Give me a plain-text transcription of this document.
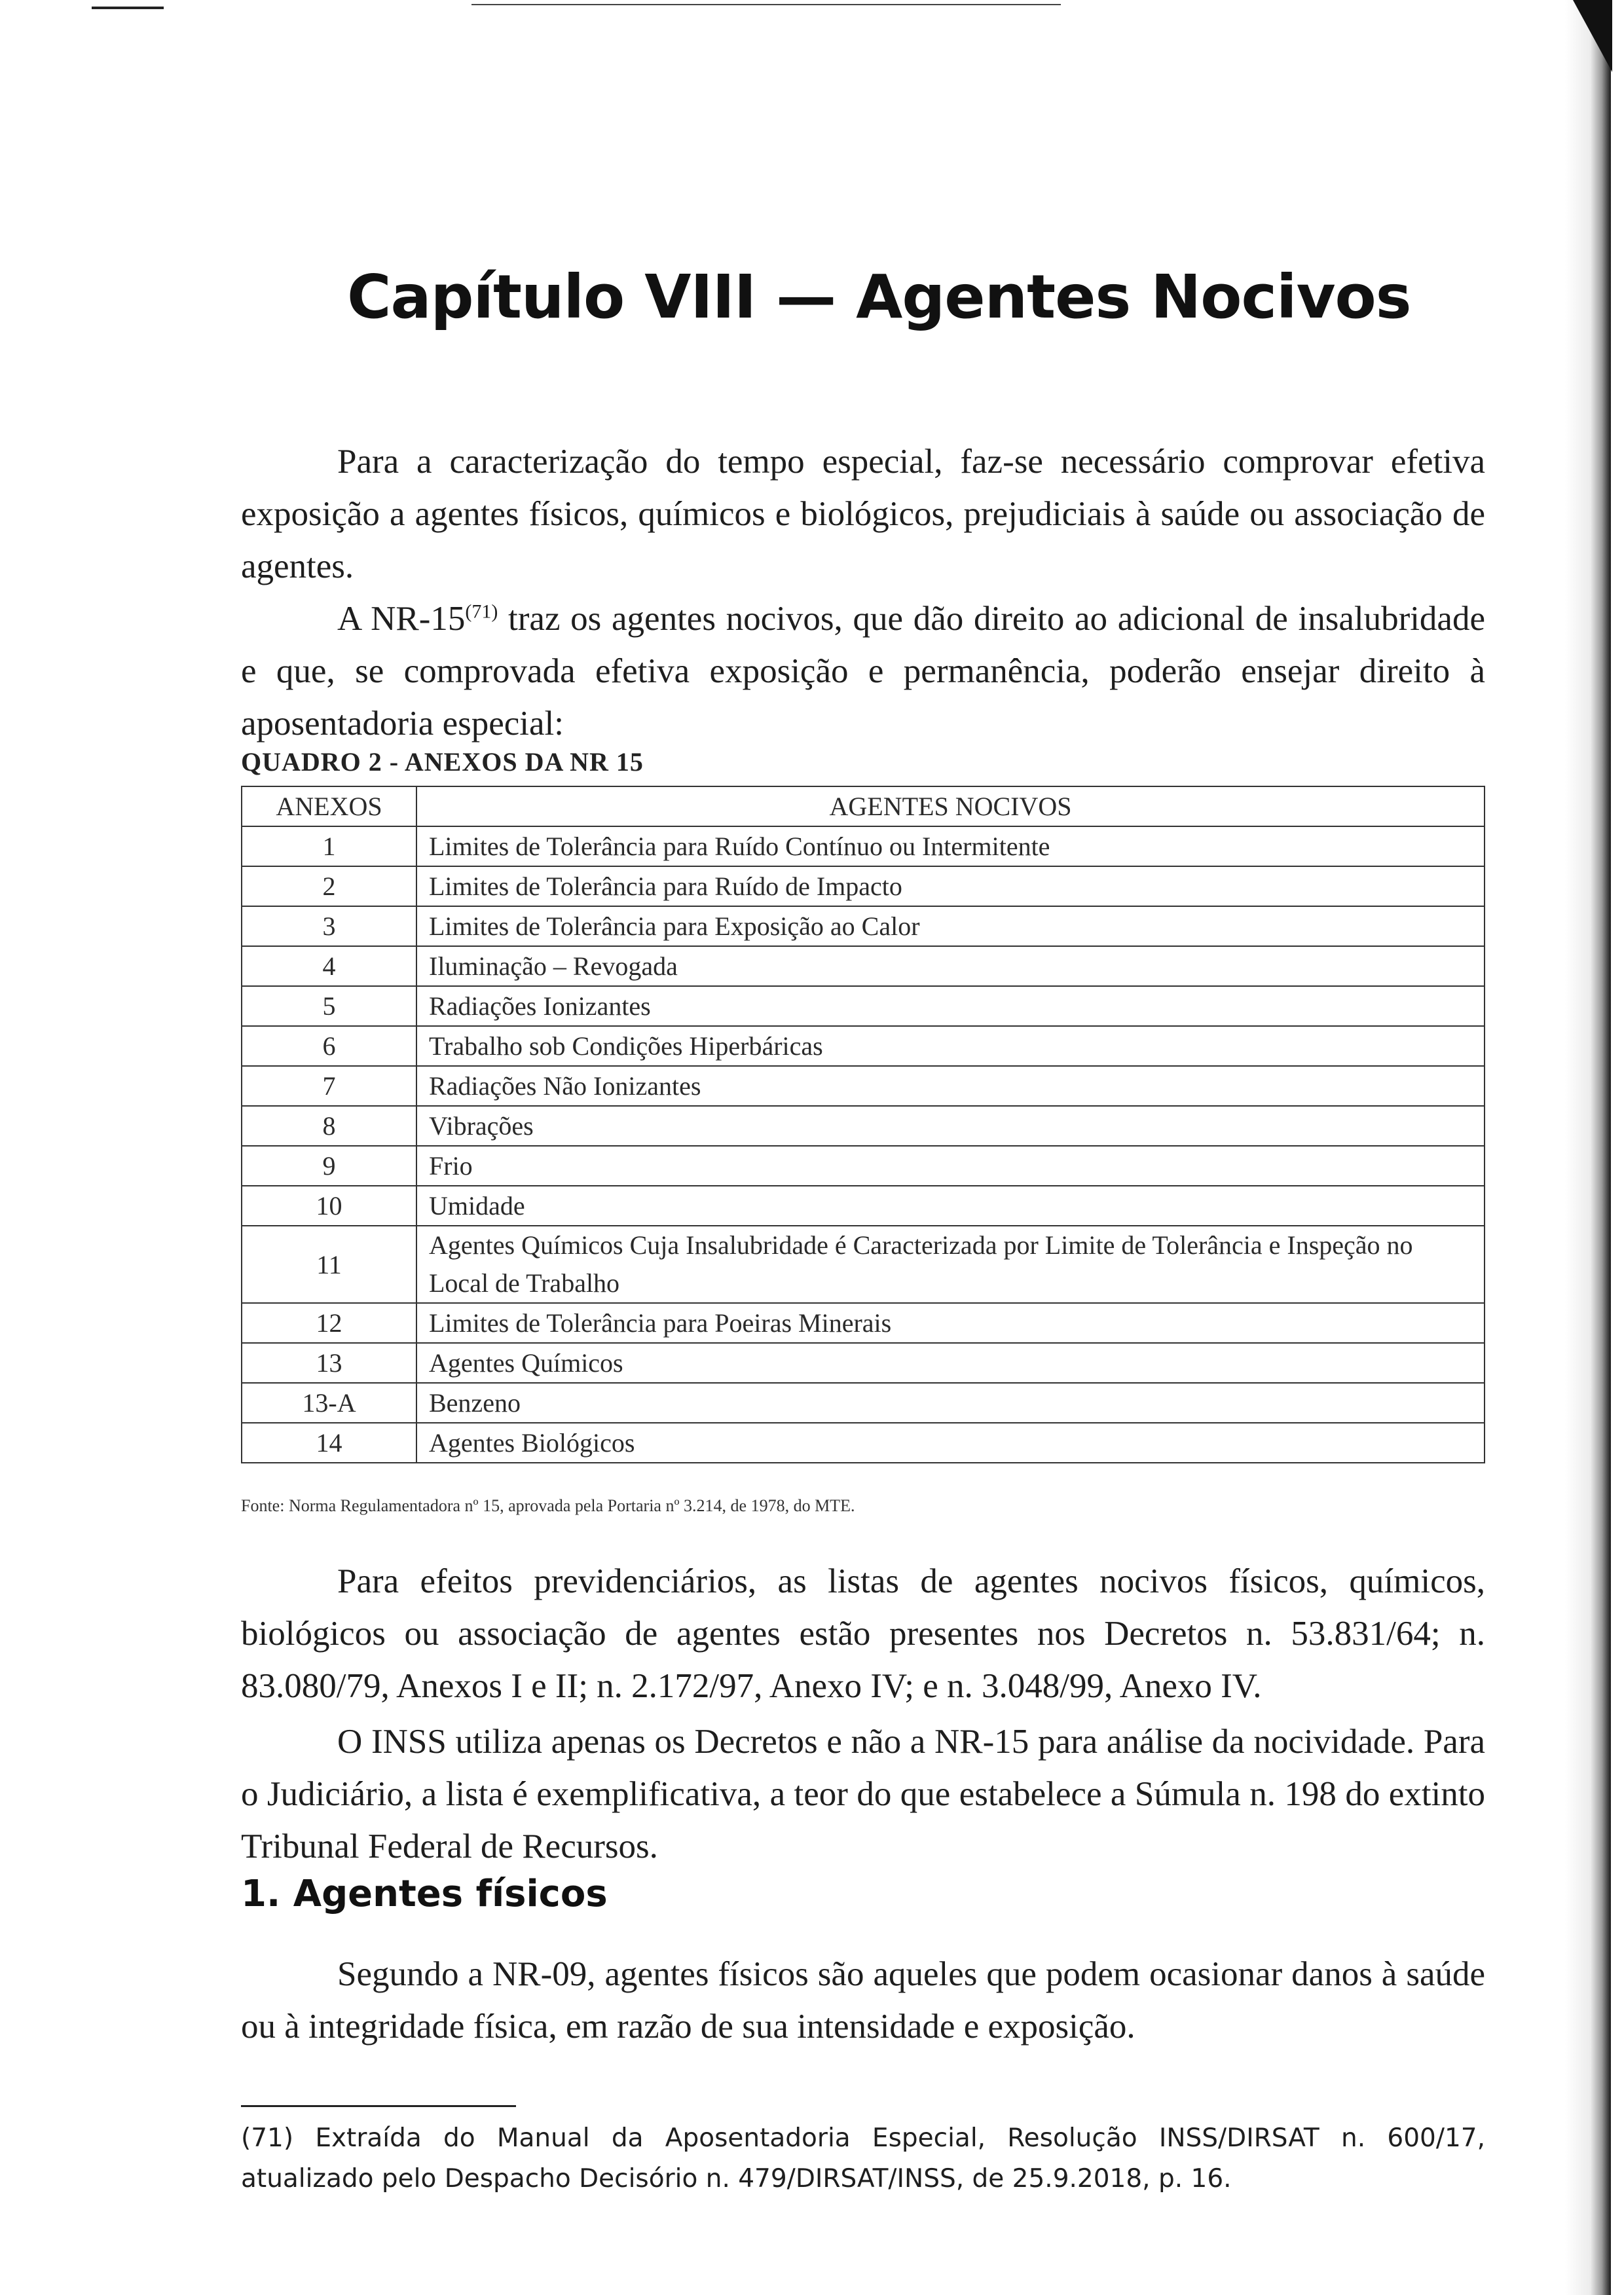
Capítulo VIII — Agentes Nocivos

Para a caracterização do tempo especial, faz-se necessário comprovar efetiva exposição a agentes físicos, químicos e biológicos, prejudiciais à saúde ou associação de agentes.

A NR-15$^{(71)}$ traz os agentes nocivos, que dão direito ao adicional de insalubridade e que, se comprovada efetiva exposição e permanência, poderão ensejar direito à aposentadoria especial:

QUADRO 2 - ANEXOS DA NR 15
ANEXOS	AGENTES NOCIVOS
1	Limites de Tolerância para Ruído Contínuo ou Intermitente
2	Limites de Tolerância para Ruído de Impacto
3	Limites de Tolerância para Exposição ao Calor
4	Iluminação – Revogada
5	Radiações Ionizantes
6	Trabalho sob Condições Hiperbáricas
7	Radiações Não Ionizantes
8	Vibrações
9	Frio
10	Umidade
11	Agentes Químicos Cuja Insalubridade é Caracterizada por Limite de Tolerância e Inspeção no Local de Trabalho
12	Limites de Tolerância para Poeiras Minerais
13	Agentes Químicos
13-A	Benzeno
14	Agentes Biológicos
Fonte: Norma Regulamentadora nº 15, aprovada pela Portaria nº 3.214, de 1978, do MTE.

Para efeitos previdenciários, as listas de agentes nocivos físicos, químicos, biológicos ou associação de agentes estão presentes nos Decretos n. 53.831/64; n. 83.080/79, Anexos I e II; n. 2.172/97, Anexo IV; e n. 3.048/99, Anexo IV.

O INSS utiliza apenas os Decretos e não a NR-15 para análise da nocividade. Para o Judiciário, a lista é exemplificativa, a teor do que estabelece a Súmula n. 198 do extinto Tribunal Federal de Recursos.

1. Agentes físicos

Segundo a NR-09, agentes físicos são aqueles que podem ocasionar danos à saúde ou à integridade física, em razão de sua intensidade e exposição.

(71) Extraída do Manual da Aposentadoria Especial, Resolução INSS/DIRSAT n. 600/17, atualizado pelo Despacho Decisório n. 479/DIRSAT/INSS, de 25.9.2018, p. 16.
